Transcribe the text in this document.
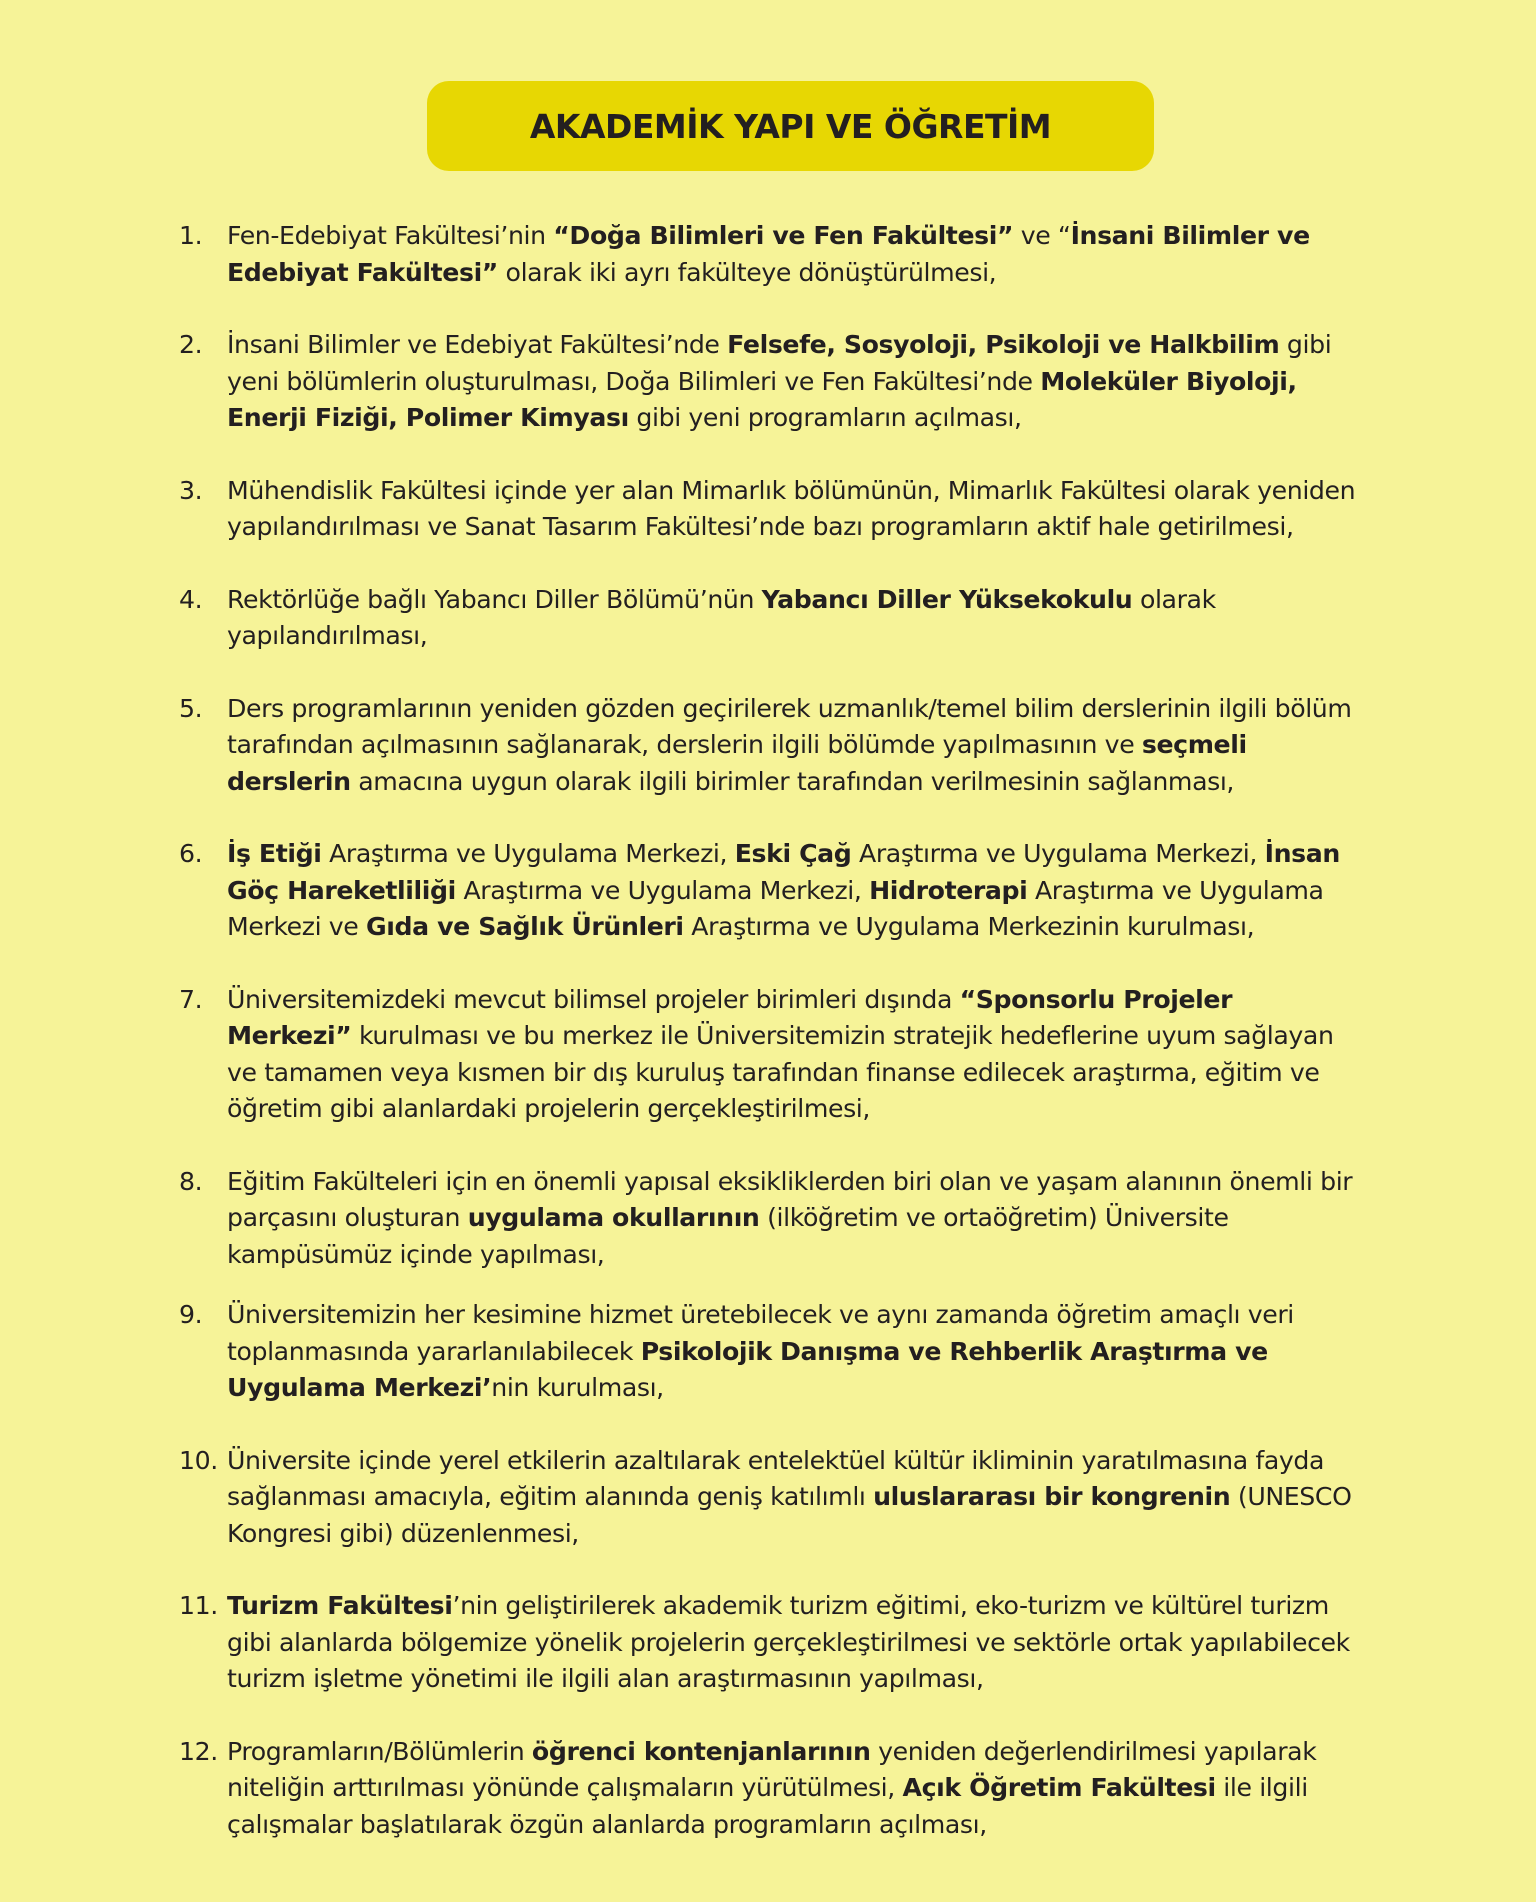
AKADEMİK YAPI VE ÖĞRETİM
1. Fen-Edebiyat Fakültesi’nin “Doğa Bilimleri ve Fen Fakültesi” ve “İnsani Bilimler ve Edebiyat Fakültesi” olarak iki ayrı fakülteye dönüştürülmesi,
2. İnsani Bilimler ve Edebiyat Fakültesi’nde Felsefe, Sosyoloji, Psikoloji ve Halkbilim gibi yeni bölümlerin oluşturulması, Doğa Bilimleri ve Fen Fakültesi’nde Moleküler Biyoloji, Enerji Fiziği, Polimer Kimyası gibi yeni programların açılması,
3. Mühendislik Fakültesi içinde yer alan Mimarlık bölümünün, Mimarlık Fakültesi olarak yeniden yapılandırılması ve Sanat Tasarım Fakültesi’nde bazı programların aktif hale getirilmesi,
4. Rektörlüğe bağlı Yabancı Diller Bölümü’nün Yabancı Diller Yüksekokulu olarak yapılandırılması,
5. Ders programlarının yeniden gözden geçirilerek uzmanlık/temel bilim derslerinin ilgili bölüm tarafından açılmasının sağlanarak, derslerin ilgili bölümde yapılmasının ve seçmeli derslerin amacına uygun olarak ilgili birimler tarafından verilmesinin sağlanması,
6. İş Etiği Araştırma ve Uygulama Merkezi, Eski Çağ Araştırma ve Uygulama Merkezi, İnsan Göç Hareketliliği Araştırma ve Uygulama Merkezi, Hidroterapi Araştırma ve Uygulama Merkezi ve Gıda ve Sağlık Ürünleri Araştırma ve Uygulama Merkezinin kurulması,
7. Üniversitemizdeki mevcut bilimsel projeler birimleri dışında “Sponsorlu Projeler Merkezi” kurulması ve bu merkez ile Üniversitemizin stratejik hedeflerine uyum sağlayan ve tamamen veya kısmen bir dış kuruluş tarafından finanse edilecek araştırma, eğitim ve öğretim gibi alanlardaki projelerin gerçekleştirilmesi,
8. Eğitim Fakülteleri için en önemli yapısal eksikliklerden biri olan ve yaşam alanının önemli bir parçasını oluşturan uygulama okullarının (ilköğretim ve ortaöğretim) Üniversite kampüsümüz içinde yapılması,
9. Üniversitemizin her kesimine hizmet üretebilecek ve aynı zamanda öğretim amaçlı veri toplanmasında yararlanılabilecek Psikolojik Danışma ve Rehberlik Araştırma ve Uygulama Merkezi’nin kurulması,
10. Üniversite içinde yerel etkilerin azaltılarak entelektüel kültür ikliminin yaratılmasına fayda sağlanması amacıyla, eğitim alanında geniş katılımlı uluslararası bir kongrenin (UNESCO Kongresi gibi) düzenlenmesi,
11. Turizm Fakültesi’nin geliştirilerek akademik turizm eğitimi, eko-turizm ve kültürel turizm gibi alanlarda bölgemize yönelik projelerin gerçekleştirilmesi ve sektörle ortak yapılabilecek turizm işletme yönetimi ile ilgili alan araştırmasının yapılması,
12. Programların/Bölümlerin öğrenci kontenjanlarının yeniden değerlendirilmesi yapılarak niteliğin arttırılması yönünde çalışmaların yürütülmesi, Açık Öğretim Fakültesi ile ilgili çalışmalar başlatılarak özgün alanlarda programların açılması,
